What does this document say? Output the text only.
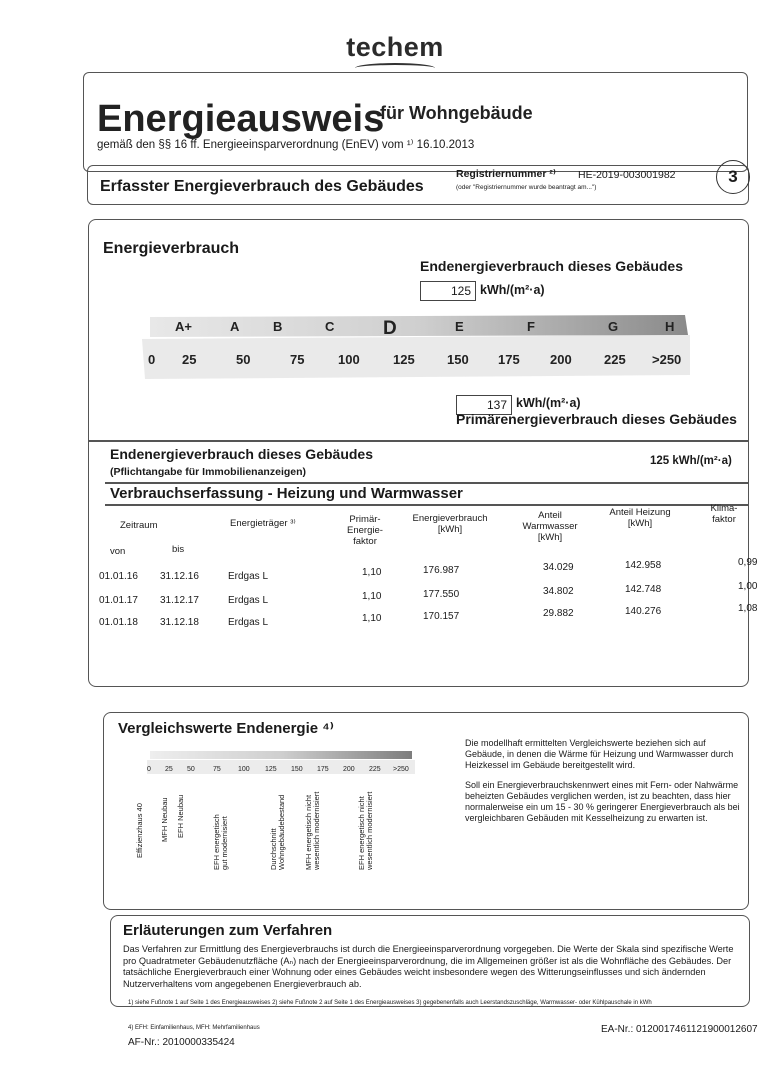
techem
Energieausweis
für Wohngebäude
gemäß den §§ 16 ff. Energieeinsparverordnung (EnEV) vom ¹⁾ 16.10.2013
Erfasster Energieverbrauch des Gebäudes
Registriernummer ²⁾ HE-2019-003001982
(oder "Registriernummer wurde beantragt am...")
3
Energieverbrauch
Endenergieverbrauch dieses Gebäudes
125 kWh/(m²·a)
A+	A	B	C	D	E	F	G	H
0 25	50	75	100	125 150 175 200 225 >250
137 kWh/(m²·a)
Primärenergieverbrauch dieses Gebäudes
Endenergieverbrauch dieses Gebäudes	125 kWh/(m²·a)
(Pflichtangabe für Immobilienanzeigen)
Verbrauchserfassung - Heizung und Warmwasser
Zeitraum
von	bis
Energieträger ³⁾	Primär-
Energie-
faktor
Energieverbrauch
[kWh]
Anteil
Warmwasser
[kWh]
Anteil Heizung
[kWh]
Klima-
faktor
01.01.16 31.12.16	Erdgas L	1,10	176.987	34.029	142.958	0,99
01.01.17 31.12.17	Erdgas L	1,10	177.550	34.802	142.748	1,00
01.01.18 31.12.18	Erdgas L	1,10	170.157	29.882	140.276	1,08
Vergleichswerte Endenergie ⁴⁾
0 25 50	75 100 125 150 175 200 225 >250
Effizienzhaus 40 MFH Neubau EFH Neubau	EFH energetisch gut modernisiert	Durchschnitt Wohngebäudebestand MFH energetisch nicht wesentlich modernisiert	EFH energetisch nicht wesentlich modernisiert
Die modellhaft ermittelten Vergleichswerte beziehen sich auf Gebäude, in denen die Wärme für Heizung und Warmwasser durch Heizkessel im Gebäude bereitgestellt wird.
Soll ein Energieverbrauchskennwert eines mit Fern- oder Nahwärme beheizten Gebäudes verglichen werden, ist zu beachten, dass hier normalerweise ein um 15 - 30 % geringerer Energieverbrauch als bei vergleichbaren Gebäuden mit Kesselheizung zu erwarten ist.
Erläuterungen zum Verfahren
Das Verfahren zur Ermittlung des Energieverbrauchs ist durch die Energieeinsparverordnung vorgegeben. Die Werte der Skala sind spezifische Werte pro Quadratmeter Gebäudenutzfläche (Aₙ) nach der Energieeinsparverordnung, die im Allgemeinen größer ist als die Wohnfläche des Gebäudes. Der tatsächliche Energieverbrauch einer Wohnung oder eines Gebäudes weicht insbesondere wegen des Witterungseinflusses und sich ändernden Nutzerverhaltens vom angegebenen Energieverbrauch ab.
1) siehe Fußnote 1 auf Seite 1 des Energieausweises 2) siehe Fußnote 2 auf Seite 1 des Energieausweises 3) gegebenenfalls auch Leerstandszuschläge, Warmwasser- oder Kühlpauschale in kWh
4) EFH: Einfamilienhaus, MFH: Mehrfamilienhaus
AF-Nr.: 2010000335424
EA-Nr.: 0120017461121900012607
